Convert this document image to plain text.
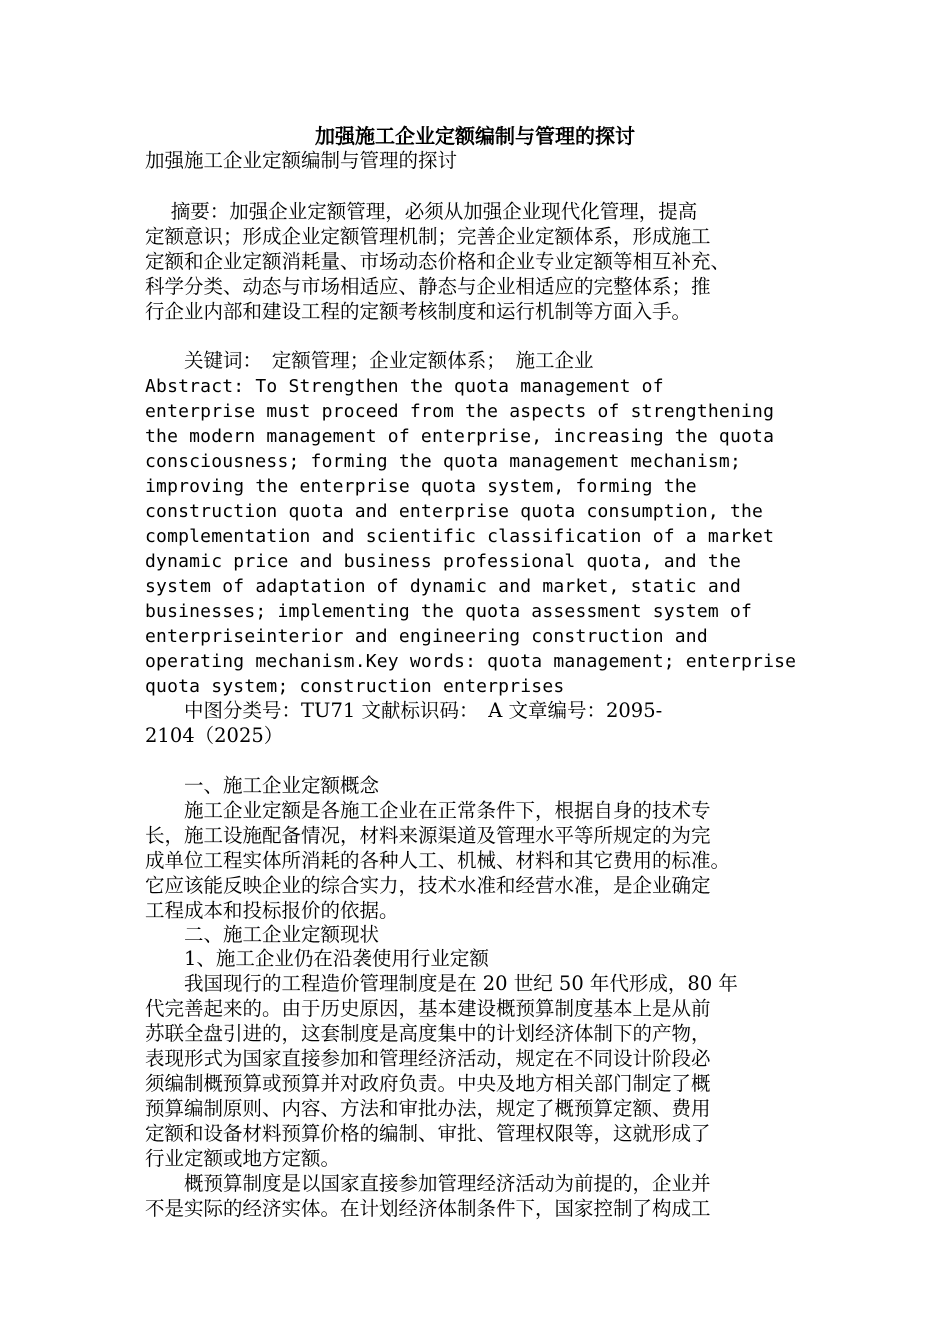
加强施工企业定额编制与管理的探讨
加强施工企业定额编制与管理的探讨
　 摘要：加强企业定额管理，必须从加强企业现代化管理，提高
定额意识；形成企业定额管理机制；完善企业定额体系，形成施工
定额和企业定额消耗量、市场动态价格和企业专业定额等相互补充、
科学分类、动态与市场相适应、静态与企业相适应的完整体系；推
行企业内部和建设工程的定额考核制度和运行机制等方面入手。
　　关键词：　定额管理；企业定额体系；　施工企业
Abstract: To Strengthen the quota management of
enterprise must proceed from the aspects of strengthening
the modern management of enterprise, increasing the quota
consciousness; forming the quota management mechanism;
improving the enterprise quota system, forming the
construction quota and enterprise quota consumption, the
complementation and scientific classification of a market
dynamic price and business professional quota, and the
system of adaptation of dynamic and market, static and
businesses; implementing the quota assessment system of
enterpriseinterior and engineering construction and
operating mechanism.Key words: quota management; enterprise
quota system; construction enterprises
　　中图分类号：TU71 文献标识码：　A 文章编号：2095-
2104（2025）
　　一、施工企业定额概念
　　施工企业定额是各施工企业在正常条件下，根据自身的技术专
长，施工设施配备情况，材料来源渠道及管理水平等所规定的为完
成单位工程实体所消耗的各种人工、机械、材料和其它费用的标准。
它应该能反映企业的综合实力，技术水准和经营水准，是企业确定
工程成本和投标报价的依据。
　　二、施工企业定额现状
　　1、施工企业仍在沿袭使用行业定额
　　我国现行的工程造价管理制度是在 20 世纪 50 年代形成，80 年
代完善起来的。由于历史原因，基本建设概预算制度基本上是从前
苏联全盘引进的，这套制度是高度集中的计划经济体制下的产物，
表现形式为国家直接参加和管理经济活动，规定在不同设计阶段必
须编制概预算或预算并对政府负责。中央及地方相关部门制定了概
预算编制原则、内容、方法和审批办法，规定了概预算定额、费用
定额和设备材料预算价格的编制、审批、管理权限等，这就形成了
行业定额或地方定额。
　　概预算制度是以国家直接参加管理经济活动为前提的，企业并
不是实际的经济实体。在计划经济体制条件下，国家控制了构成工
